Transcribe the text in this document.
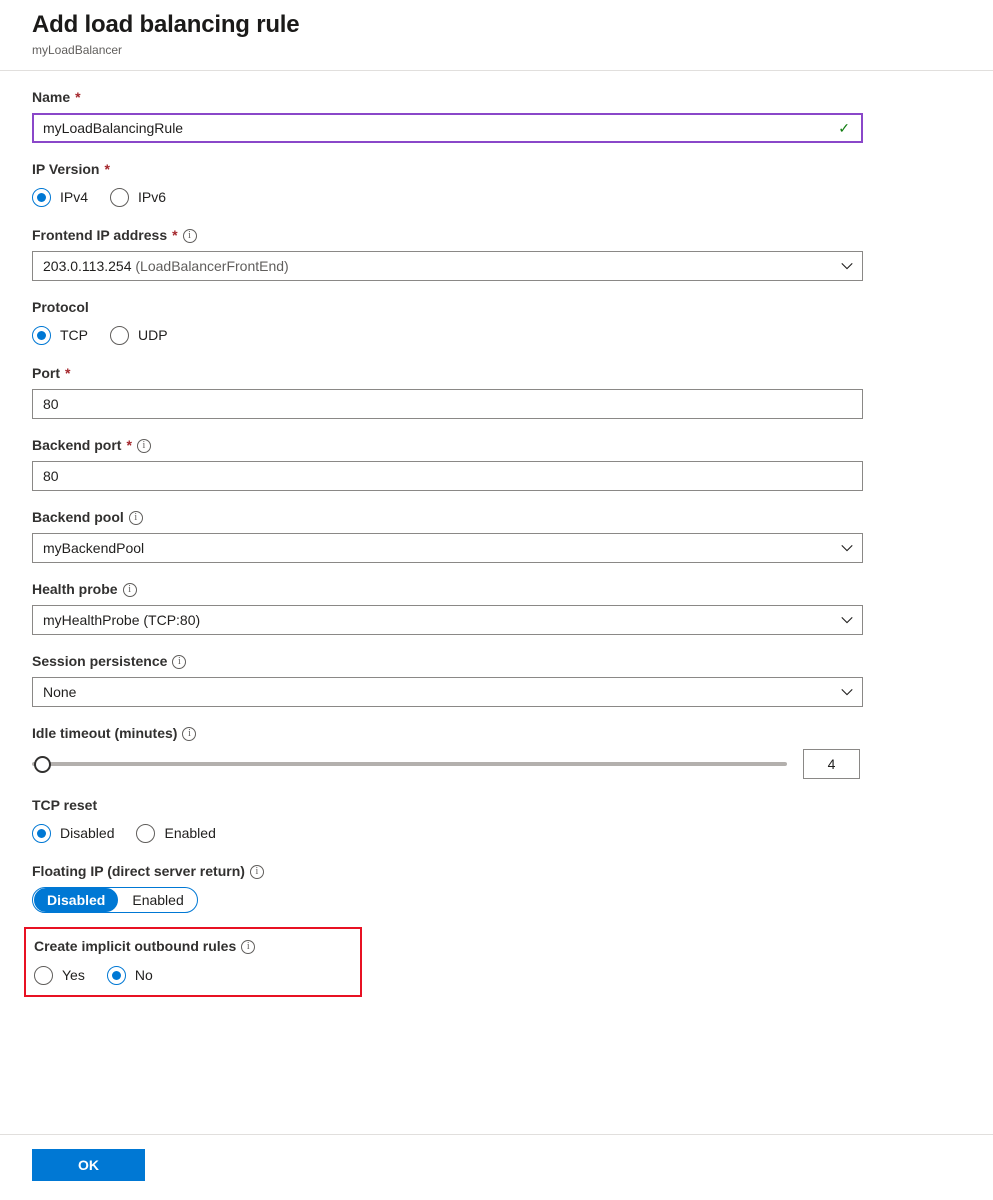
Add load balancing rule
myLoadBalancer
Name *
myLoadBalancingRule	✓
IP Version *
IPv4	IPv6
Frontend IP address * i
203.0.113.254 (LoadBalancerFrontEnd)
Protocol
TCP	UDP
Port *
80
Backend port * i
80
Backend pool i
myBackendPool
Health probe i
myHealthProbe (TCP:80)
Session persistence i
None
Idle timeout (minutes) i
4
TCP reset
Disabled	Enabled
Floating IP (direct server return) i
Disabled	Enabled
Create implicit outbound rules i
Yes	No
OK
